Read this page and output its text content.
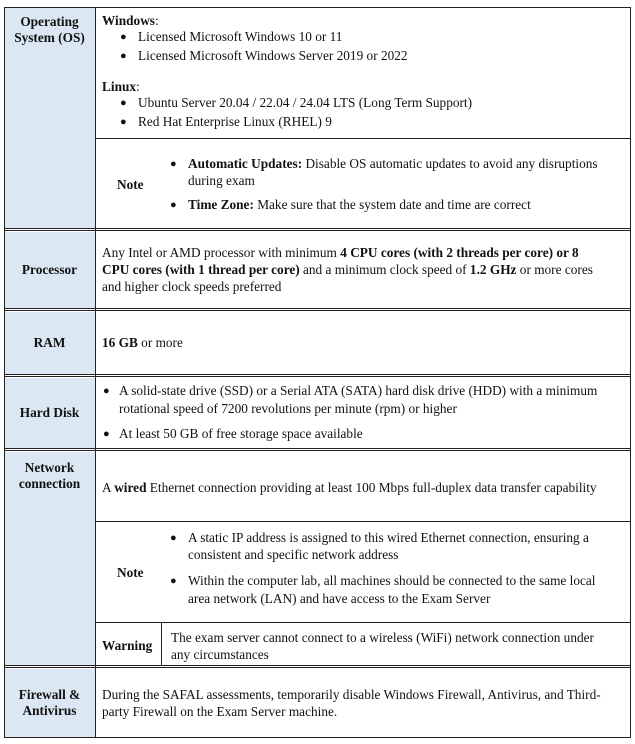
Operating
System (OS)
Processor
RAM
Hard Disk
Network
connection
Firewall &
Antivirus
Windows:
● Licensed Microsoft Windows 10 or 11
● Licensed Microsoft Windows Server 2019 or 2022
Linux:
● Ubuntu Server 20.04 / 22.04 / 24.04 LTS (Long Term Support)
● Red Hat Enterprise Linux (RHEL) 9
Note
● Automatic Updates: Disable OS automatic updates to avoid any disruptions
during exam
● Time Zone: Make sure that the system date and time are correct
Any Intel or AMD processor with minimum 4 CPU cores (with 2 threads per core) or 8
CPU cores (with 1 thread per core) and a minimum clock speed of 1.2 GHz or more cores
and higher clock speeds preferred
16 GB or more
● A solid-state drive (SSD) or a Serial ATA (SATA) hard disk drive (HDD) with a minimum
rotational speed of 7200 revolutions per minute (rpm) or higher
● At least 50 GB of free storage space available
A wired Ethernet connection providing at least 100 Mbps full-duplex data transfer capability
Note
● A static IP address is assigned to this wired Ethernet connection, ensuring a
consistent and specific network address
● Within the computer lab, all machines should be connected to the same local
area network (LAN) and have access to the Exam Server
Warning
The exam server cannot connect to a wireless (WiFi) network connection under
any circumstances
During the SAFAL assessments, temporarily disable Windows Firewall, Antivirus, and Third-
party Firewall on the Exam Server machine.
